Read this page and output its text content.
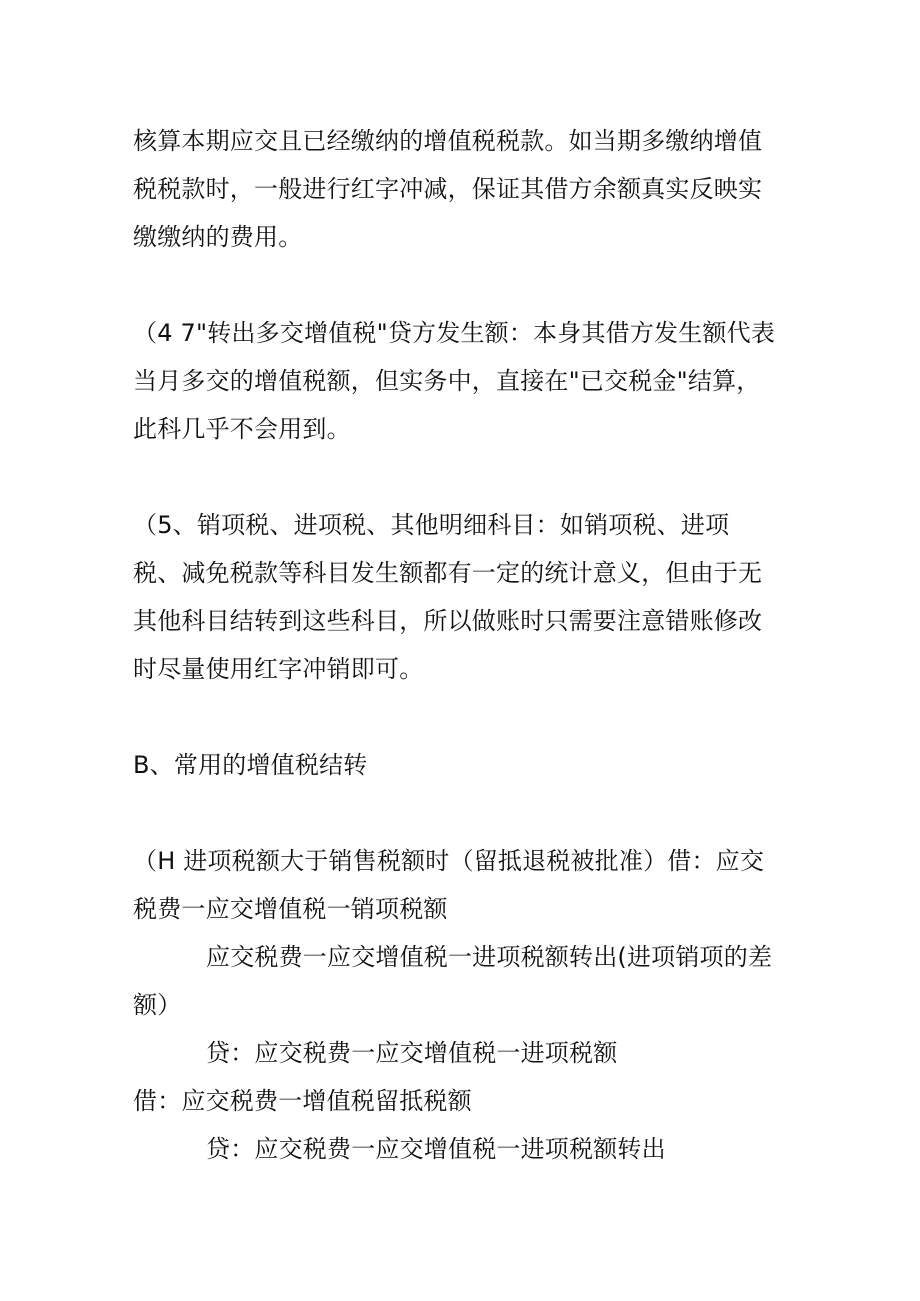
核算本期应交且已经缴纳的增值税税款。如当期多缴纳增值
税税款时，一般进行红字冲减，保证其借方余额真实反映实
缴缴纳的费用。
（4 7"转出多交增值税"贷方发生额：本身其借方发生额代表
当月多交的增值税额，但实务中，直接在"已交税金"结算，
此科几乎不会用到。
（5、销项税、进项税、其他明细科目：如销项税、进项
税、减免税款等科目发生额都有一定的统计意义，但由于无
其他科目结转到这些科目，所以做账时只需要注意错账修改
时尽量使用红字冲销即可。
B、常用的增值税结转
（H 进项税额大于销售税额时（留抵退税被批准）借：应交
税费一应交增值税一销项税额
应交税费一应交增值税一进项税额转出(进项销项的差
额）
贷：应交税费一应交增值税一进项税额
借：应交税费一增值税留抵税额
贷：应交税费一应交增值税一进项税额转出
